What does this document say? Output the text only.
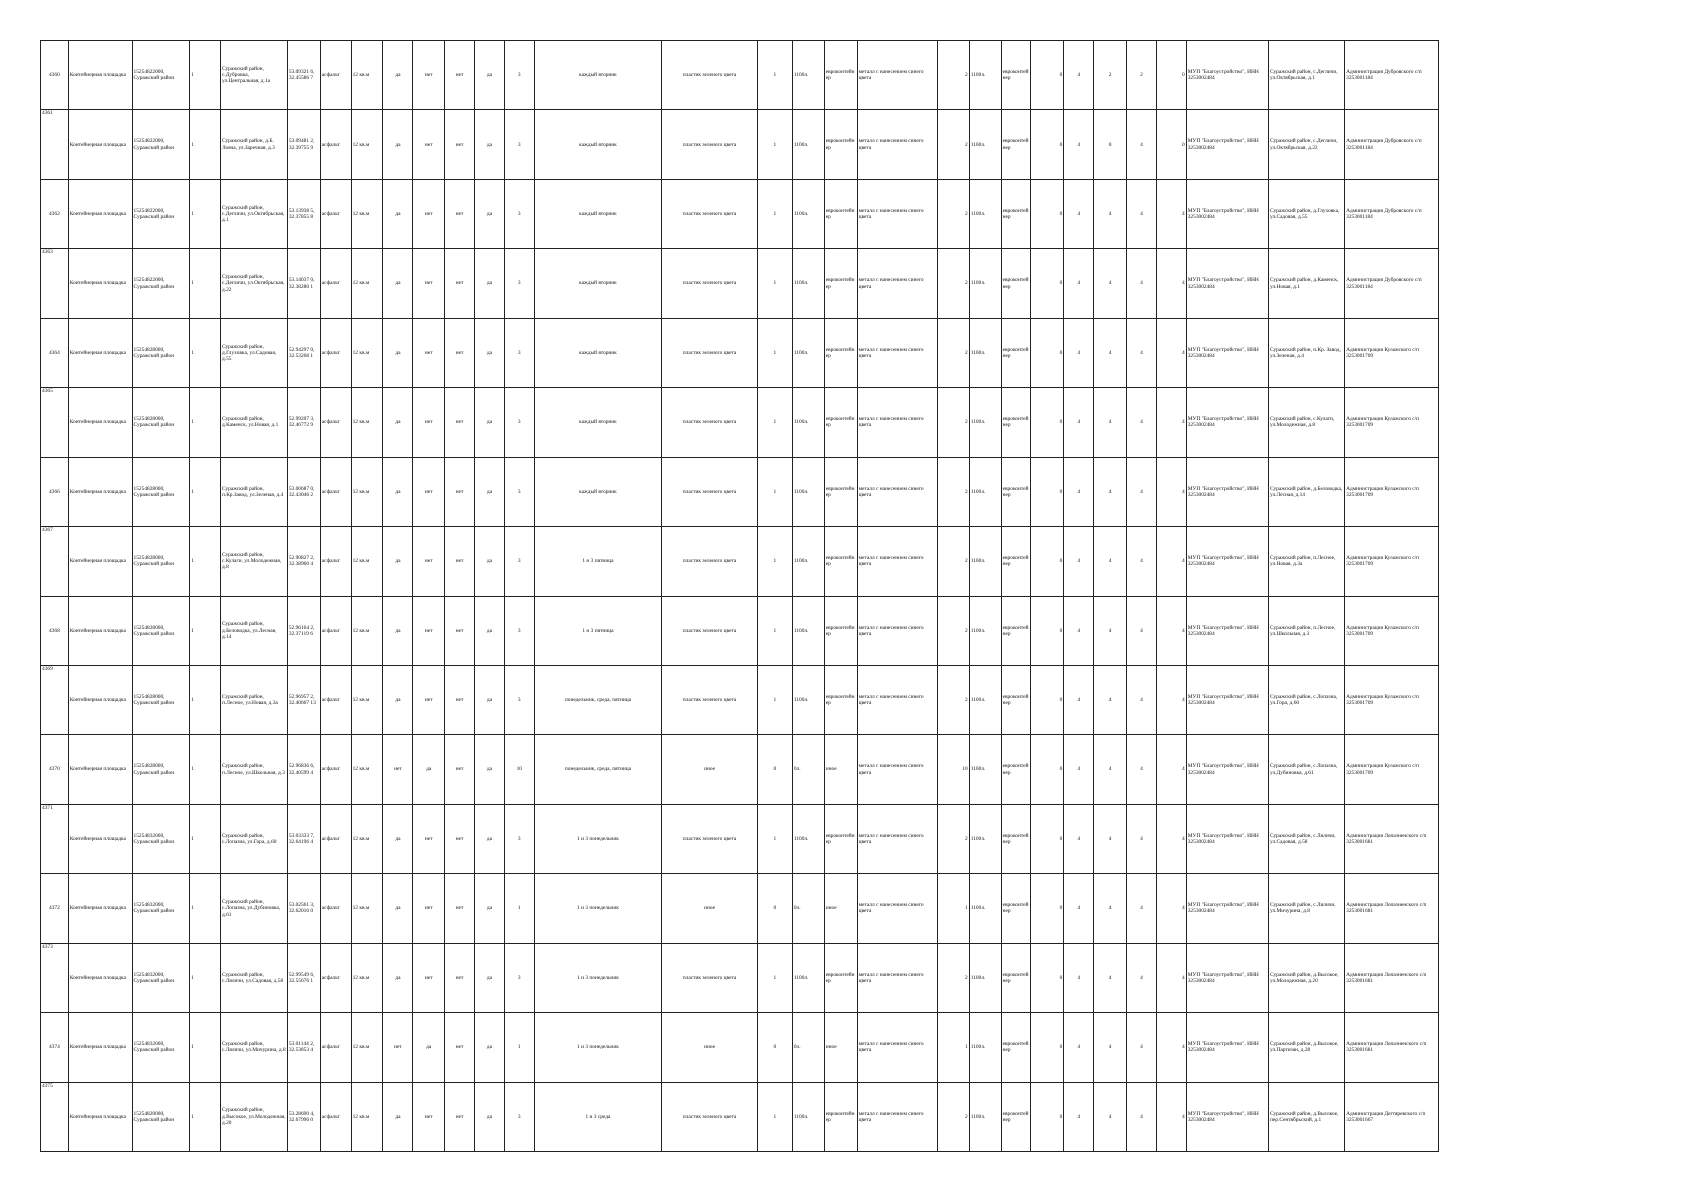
4360	Контейнерная площадка	15254822000, Суражский район	1	Суражский район, с.Дубровка, ул.Центральная, д.1а	53.09321 6, 32.45586 7	асфальт	12 кв.м	да	нет	нет	да	3	каждый вторник	пластик зеленого цвета	1	1100л.	евроконтейнер	металл с нанесением синего цвета	2	1100л.	евроконтейнер	0	4	2	2	0	МУП "Благоустройство", ИНН 3253002484	Суражский район, с.Дегличи, ул.Октябрьская, д.1	Администрация Дубровского с/п 3253001184
4361	Контейнерная площадка	15254822000, Суражский район	1	Суражский район, д.Б. Ловча, ул.Заречная, д.3	53.09481 2, 32.39755 9	асфальт	12 кв.м	да	нет	нет	да	3	каждый вторник	пластик зеленого цвета	1	1100л.	евроконтейнер	металл с нанесением синего цвета	2	1100л.	евроконтейнер	0	4	0	4	0	МУП "Благоустройство", ИНН 3253002484	Суражский район, с.Дегличи, ул.Октябрьская, д.22	Администрация Дубровского с/п 3253001184
4362	Контейнерная площадка	15254822000, Суражский район	1	Суражский район, с.Дегличи, ул.Октябрьская, д.1	53.13938 5, 32.37855 8	асфальт	12 кв.м	да	нет	нет	да	3	каждый вторник	пластик зеленого цвета	1	1100л.	евроконтейнер	металл с нанесением синего цвета	2	1100л.	евроконтейнер	0	4	4	4	4	МУП "Благоустройство", ИНН 3253002484	Суражский район, д.Глуховка, ул.Садовая, д.55	Администрация Дубровского с/п 3253001184
4363	Контейнерная площадка	15254822000, Суражский район	1	Суражский район, с.Дегличи, ул.Октябрьская, д.22	53.14037 0, 32.38280 1	асфальт	12 кв.м	да	нет	нет	да	3	каждый вторник	пластик зеленого цвета	1	1100л.	евроконтейнер	металл с нанесением синего цвета	2	1100л.	евроконтейнер	0	4	4	4	4	МУП "Благоустройство", ИНН 3253002484	Суражский район, д.Каменск, ул.Новая, д.1	Администрация Дубровского с/п 3253001184
4364	Контейнерная площадка	15254828000, Суражский район	1	Суражский район, д.Глуховка, ул.Садовая, д.55	52.94297 0, 32.53268 1	асфальт	12 кв.м	да	нет	нет	да	3	каждый вторник	пластик зеленого цвета	1	1100л.	евроконтейнер	металл с нанесением синего цвета	2	1100л.	евроконтейнер	0	4	4	4	4	МУП "Благоустройство", ИНН 3253002484	Суражский район, п.Кр. Завод, ул.Зеленая, д.4	Администрация Кулажского с/п 3253001709
4365	Контейнерная площадка	15254828000, Суражский район	1	Суражский район, д.Каменск, ул.Новая, д.1	52.99207 3, 32.46772 9	асфальт	12 кв.м	да	нет	нет	да	3	каждый вторник	пластик зеленого цвета	1	1100л.	евроконтейнер	металл с нанесением синего цвета	2	1100л.	евроконтейнер	0	4	4	4	4	МУП "Благоустройство", ИНН 3253002484	Суражский район, с.Кулаги, ул.Молодежная, д.8	Администрация Кулажского с/п 3253001709
4366	Контейнерная площадка	15254828000, Суражский район	1	Суражский район, п.Кр.Завод, ул.Зеленая, д.4	53.00687 0, 32.43046 2	асфальт	12 кв.м	да	нет	нет	да	3	каждый вторник	пластик зеленого цвета	1	1100л.	евроконтейнер	металл с нанесением синего цвета	2	1100л.	евроконтейнер	0	4	4	4	4	МУП "Благоустройство", ИНН 3253002484	Суражский район, д.Беловодка, ул.Лесная, д.14	Администрация Кулажского с/п 3253001709
4367	Контейнерная площадка	15254828000, Суражский район	1	Суражский район, с.Кулаги, ул.Молодежная, д.8	52.90827 2, 32.38960 4	асфальт	12 кв.м	да	нет	нет	да	3	1 и 3 пятница	пластик зеленого цвета	1	1100л.	евроконтейнер	металл с нанесением синего цвета	2	1100л.	евроконтейнер	0	4	4	4	4	МУП "Благоустройство", ИНН 3253002484	Суражский район, п.Лесное, ул.Новая, д.3а	Администрация Кулажского с/п 3253001709
4368	Контейнерная площадка	15254828000, Суражский район	1	Суражский район, д.Беловодка, ул.Лесная, д.14	52.96164 2, 32.37119 6	асфальт	12 кв.м	да	нет	нет	да	3	1 и 3 пятница	пластик зеленого цвета	1	1100л.	евроконтейнер	металл с нанесением синего цвета	2	1100л.	евроконтейнер	0	4	4	4	4	МУП "Благоустройство", ИНН 3253002484	Суражский район, п.Лесное, ул.Школьная, д.3	Администрация Кулажского с/п 3253001709
4369	Контейнерная площадка	15254828000, Суражский район	1	Суражский район, п.Лесное, ул.Новая, д.3а	52.96957 2, 32.40667 13	асфальт	12 кв.м	да	нет	нет	да	3	понедельник, среда, пятница	пластик зеленого цвета	1	1100л.	евроконтейнер	металл с нанесением синего цвета	2	1100л.	евроконтейнер	0	4	4	4	4	МУП "Благоустройство", ИНН 3253002484	Суражский район, с.Лопазна, ул.Гора, д.60	Администрация Кулажского с/п 3253001709
4370	Контейнерная площадка	15254828000, Суражский район	1	Суражский район, п.Лесное, ул.Школьная, д.3	52.96836 6, 32.40599 4	асфальт	12 кв.м	нет	да	нет	да	10	понедельник, среда, пятница	иное	0	0л.	иное	металл с нанесением синего цвета	10	1100л.	евроконтейнер	0	4	4	4	4	МУП "Благоустройство", ИНН 3253002484	Суражский район, с.Лопазна, ул.Дубиновка, д.61	Администрация Кулажского с/п 3253001709
4371	Контейнерная площадка	15254832000, Суражский район	1	Суражский район, с.Лопазна, ул.Гора, д.60	53.03333 7, 32.64196 4	асфальт	12 кв.м	да	нет	нет	да	3	1 и 3 понедельник	пластик зеленого цвета	1	1100л.	евроконтейнер	металл с нанесением синего цвета	2	1100л.	евроконтейнер	0	4	4	4	4	МУП "Благоустройство", ИНН 3253002484	Суражский район, с.Ляличи, ул.Садовая, д.58	Администрация Лопазненского с/п 3253001681
4372	Контейнерная площадка	15254832000, Суражский район	1	Суражский район, с.Лопазна, ул.Дубиновка, д.61	53.02561 3, 32.62016 0	асфальт	12 кв.м	да	нет	нет	да	1	1 и 3 понедельник	иное	0	0л.	иное	металл с нанесением синего цвета	1	1100л.	евроконтейнер	0	4	4	4	4	МУП "Благоустройство", ИНН 3253002484	Суражский район, с.Ляличи, ул.Мичурина, д.8	Администрация Лопазненского с/п 3253001681
4373	Контейнерная площадка	15254832000, Суражский район	1	Суражский район, с.Ляличи, ул.Садовая, д.58	52.99549 6, 32.55676 1	асфальт	12 кв.м	да	нет	нет	да	3	1 и 3 понедельник	пластик зеленого цвета	1	1100л.	евроконтейнер	металл с нанесением синего цвета	2	1100л.	евроконтейнер	0	4	4	4	4	МУП "Благоустройство", ИНН 3253002484	Суражский район, д.Высокое, ул.Молодежная, д.20	Администрация Лопазненского с/п 3253001681
4374	Контейнерная площадка	15254832000, Суражский район	1	Суражский район, с.Ляличи, ул.Мичурина, д.8	53.01144 2, 32.53853 4	асфальт	12 кв.м	нет	да	нет	да	1	1 и 3 понедельник	иное	0	0л.	иное	металл с нанесением синего цвета	1	1100л.	евроконтейнер	0	4	4	4	4	МУП "Благоустройство", ИНН 3253002484	Суражский район, д.Высокое, ул.Партизан, д.28	Администрация Лопазненского с/п 3253001681
4375	Контейнерная площадка	15254820000, Суражский район	1	Суражский район, д.Высокое, ул.Молодежная, д.20	53.28690 4, 32.67996 0	асфальт	12 кв.м	да	нет	нет	да	3	1 и 3 среда	пластик зеленого цвета	1	1100л.	евроконтейнер	металл с нанесением синего цвета	2	1100л.	евроконтейнер	0	4	4	4	4	МУП "Благоустройство", ИНН 3253002484	Суражский район, д.Высокое, пер.Сентябрьский, д.1	Администрация Дегтяревского с/п 3253001667
